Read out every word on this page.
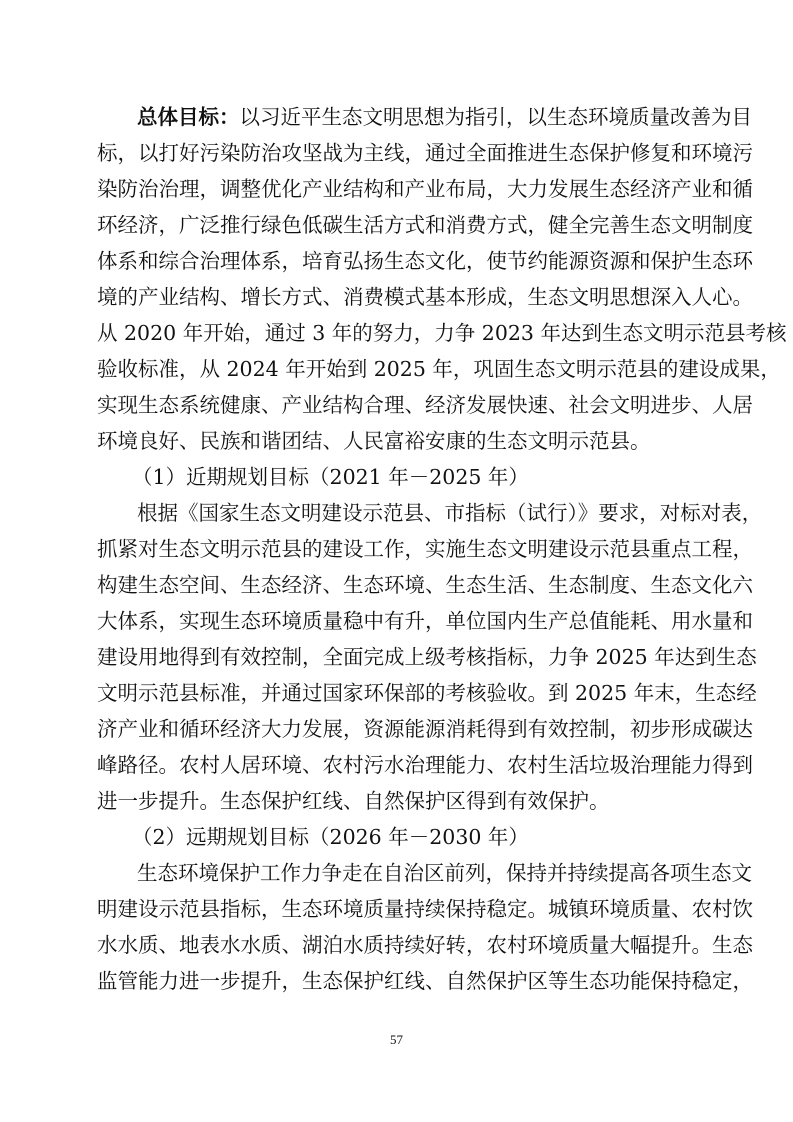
总体目标：以习近平生态文明思想为指引，以生态环境质量改善为目
标，以打好污染防治攻坚战为主线，通过全面推进生态保护修复和环境污
染防治治理，调整优化产业结构和产业布局，大力发展生态经济产业和循
环经济，广泛推行绿色低碳生活方式和消费方式，健全完善生态文明制度
体系和综合治理体系，培育弘扬生态文化，使节约能源资源和保护生态环
境的产业结构、增长方式、消费模式基本形成，生态文明思想深入人心。
从 2020 年开始，通过 3 年的努力，力争 2023 年达到生态文明示范县考核
验收标准，从 2024 年开始到 2025 年，巩固生态文明示范县的建设成果，
实现生态系统健康、产业结构合理、经济发展快速、社会文明进步、人居
环境良好、民族和谐团结、人民富裕安康的生态文明示范县。
（1）近期规划目标（2021 年－2025 年）
根据《国家生态文明建设示范县、市指标（试行）》要求，对标对表，
抓紧对生态文明示范县的建设工作，实施生态文明建设示范县重点工程，
构建生态空间、生态经济、生态环境、生态生活、生态制度、生态文化六
大体系，实现生态环境质量稳中有升，单位国内生产总值能耗、用水量和
建设用地得到有效控制，全面完成上级考核指标，力争 2025 年达到生态
文明示范县标准，并通过国家环保部的考核验收。到 2025 年末，生态经
济产业和循环经济大力发展，资源能源消耗得到有效控制，初步形成碳达
峰路径。农村人居环境、农村污水治理能力、农村生活垃圾治理能力得到
进一步提升。生态保护红线、自然保护区得到有效保护。
（2）远期规划目标（2026 年－2030 年）
生态环境保护工作力争走在自治区前列，保持并持续提高各项生态文
明建设示范县指标，生态环境质量持续保持稳定。城镇环境质量、农村饮
水水质、地表水水质、湖泊水质持续好转，农村环境质量大幅提升。生态
监管能力进一步提升，生态保护红线、自然保护区等生态功能保持稳定，
57
